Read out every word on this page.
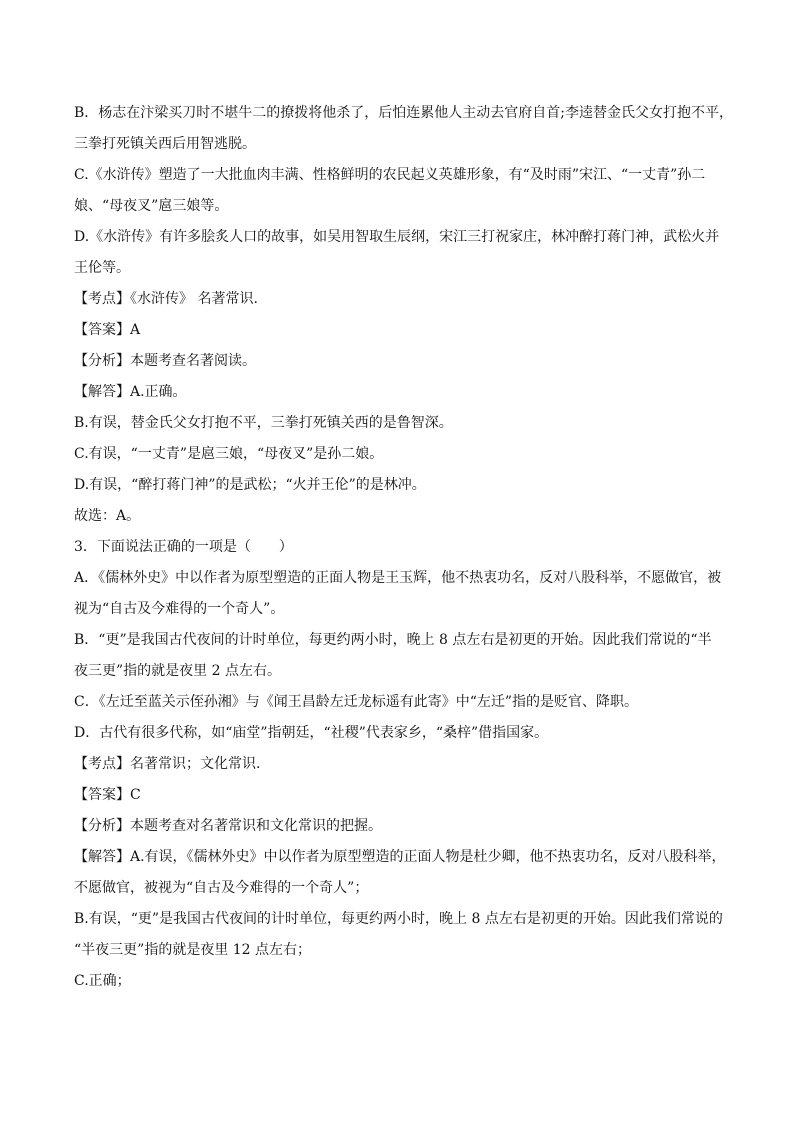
B．杨志在汴梁买刀时不堪牛二的撩拨将他杀了，后怕连累他人主动去官府自首;李逵替金氏父女打抱不平，
三拳打死镇关西后用智逃脱。
C.《水浒传》塑造了一大批血肉丰满、性格鲜明的农民起义英雄形象，有“及时雨”宋江、“一丈青”孙二
娘、“母夜叉”扈三娘等。
D.《水浒传》有许多脍炙人口的故事，如吴用智取生辰纲，宋江三打祝家庄，林冲醉打蒋门神，武松火并
王伦等。
【考点】《水浒传》 名著常识.
【答案】A
【分析】本题考查名著阅读。
【解答】A.正确。
B.有误，替金氏父女打抱不平，三拳打死镇关西的是鲁智深。
C.有误，“一丈青”是扈三娘，“母夜叉”是孙二娘。
D.有误，“醉打蒋门神”的是武松；“火并王伦”的是林冲。
故选：A。
3．下面说法正确的一项是（　　）
A．《儒林外史》中以作者为原型塑造的正面人物是王玉辉，他不热衷功名，反对八股科举，不愿做官，被
视为“自古及今难得的一个奇人”。
B．“更”是我国古代夜间的计时单位，每更约两小时，晚上 8 点左右是初更的开始。因此我们常说的“半
夜三更”指的就是夜里 2 点左右。
C．《左迁至蓝关示侄孙湘》与《闻王昌龄左迁龙标遥有此寄》中“左迁”指的是贬官、降职。
D．古代有很多代称，如“庙堂”指朝廷，“社稷”代表家乡，“桑梓”借指国家。
【考点】名著常识；文化常识.
【答案】C
【分析】本题考查对名著常识和文化常识的把握。
【解答】A.有误，《儒林外史》中以作者为原型塑造的正面人物是杜少卿，他不热衷功名，反对八股科举，
不愿做官，被视为“自古及今难得的一个奇人”；
B.有误，“更”是我国古代夜间的计时单位，每更约两小时，晚上 8 点左右是初更的开始。因此我们常说的
“半夜三更”指的就是夜里 12 点左右；
C.正确；
